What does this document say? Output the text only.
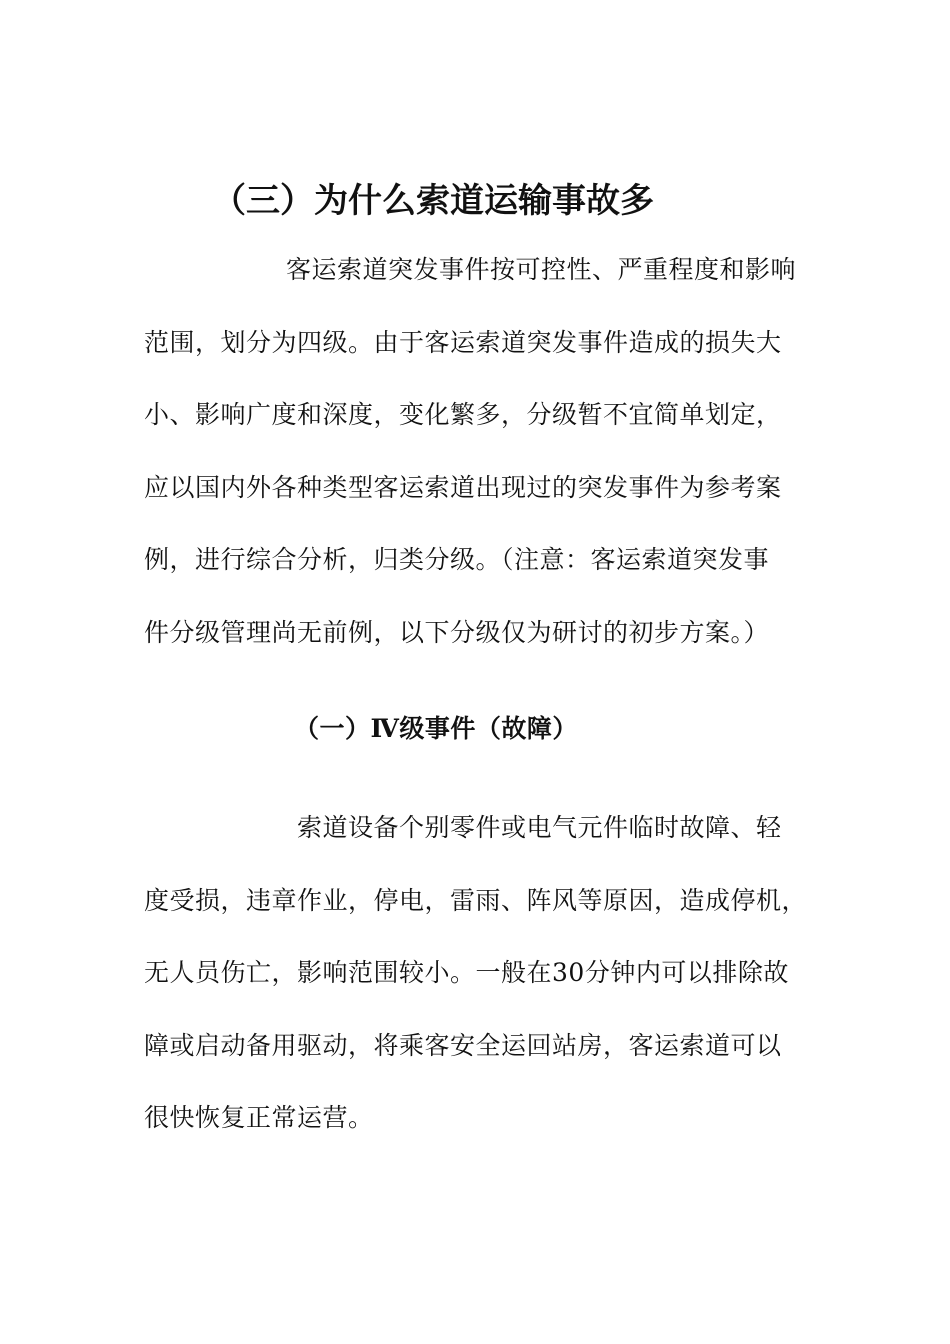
（三）为什么索道运输事故多
客运索道突发事件按可控性、严重程度和影响
范围，划分为四级。由于客运索道突发事件造成的损失大
小、影响广度和深度，变化繁多，分级暂不宜简单划定，
应以国内外各种类型客运索道出现过的突发事件为参考案
例，进行综合分析，归类分级。（注意：客运索道突发事
件分级管理尚无前例，以下分级仅为研讨的初步方案。）
（一）Ⅳ级事件（故障）
索道设备个别零件或电气元件临时故障、轻
度受损，违章作业，停电，雷雨、阵风等原因，造成停机，
无人员伤亡，影响范围较小。一般在30分钟内可以排除故
障或启动备用驱动，将乘客安全运回站房，客运索道可以
很快恢复正常运营。
